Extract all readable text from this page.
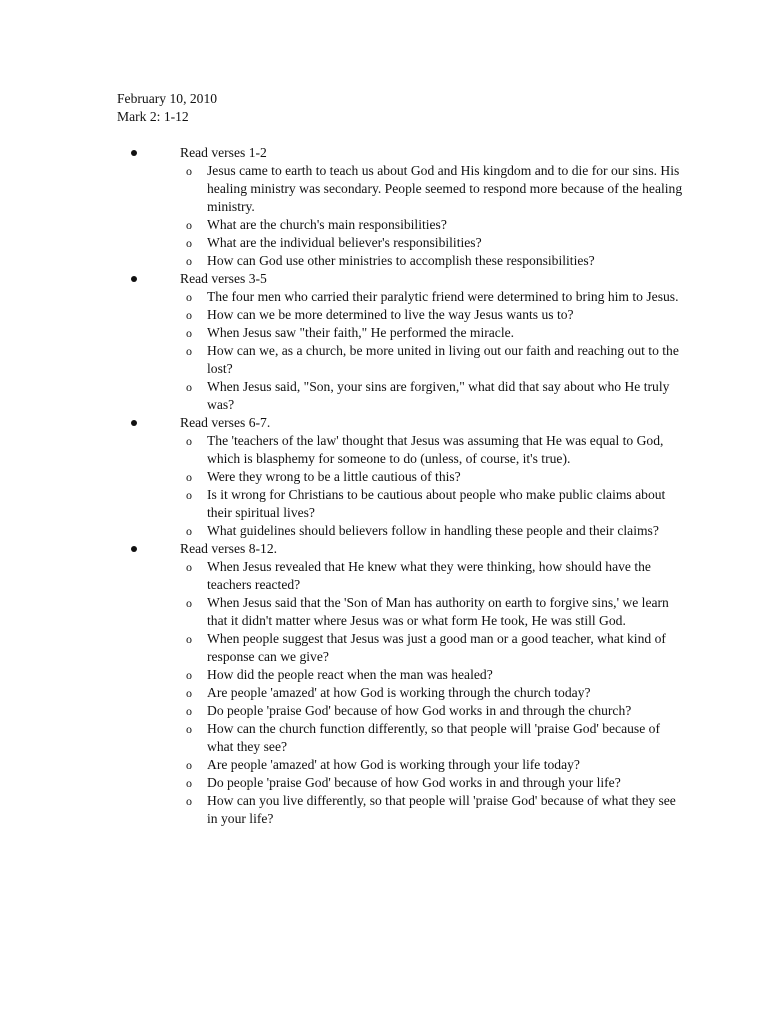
February 10, 2010
Mark 2: 1-12
Read verses 1-2
o Jesus came to earth to teach us about God and His kingdom and to die for our sins. His healing ministry was secondary. People seemed to respond more because of the healing ministry.
o What are the church's main responsibilities?
o What are the individual believer's responsibilities?
o How can God use other ministries to accomplish these responsibilities?
Read verses 3-5
o The four men who carried their paralytic friend were determined to bring him to Jesus.
o How can we be more determined to live the way Jesus wants us to?
o When Jesus saw "their faith," He performed the miracle.
o How can we, as a church, be more united in living out our faith and reaching out to the lost?
o When Jesus said, "Son, your sins are forgiven," what did that say about who He truly was?
Read verses 6-7.
o The 'teachers of the law' thought that Jesus was assuming that He was equal to God, which is blasphemy for someone to do (unless, of course, it's true).
o Were they wrong to be a little cautious of this?
o Is it wrong for Christians to be cautious about people who make public claims about their spiritual lives?
o What guidelines should believers follow in handling these people and their claims?
Read verses 8-12.
o When Jesus revealed that He knew what they were thinking, how should have the teachers reacted?
o When Jesus said that the 'Son of Man has authority on earth to forgive sins,' we learn that it didn't matter where Jesus was or what form He took, He was still God.
o When people suggest that Jesus was just a good man or a good teacher, what kind of response can we give?
o How did the people react when the man was healed?
o Are people 'amazed' at how God is working through the church today?
o Do people 'praise God' because of how God works in and through the church?
o How can the church function differently, so that people will 'praise God' because of what they see?
o Are people 'amazed' at how God is working through your life today?
o Do people 'praise God' because of how God works in and through your life?
o How can you live differently, so that people will 'praise God' because of what they see in your life?
